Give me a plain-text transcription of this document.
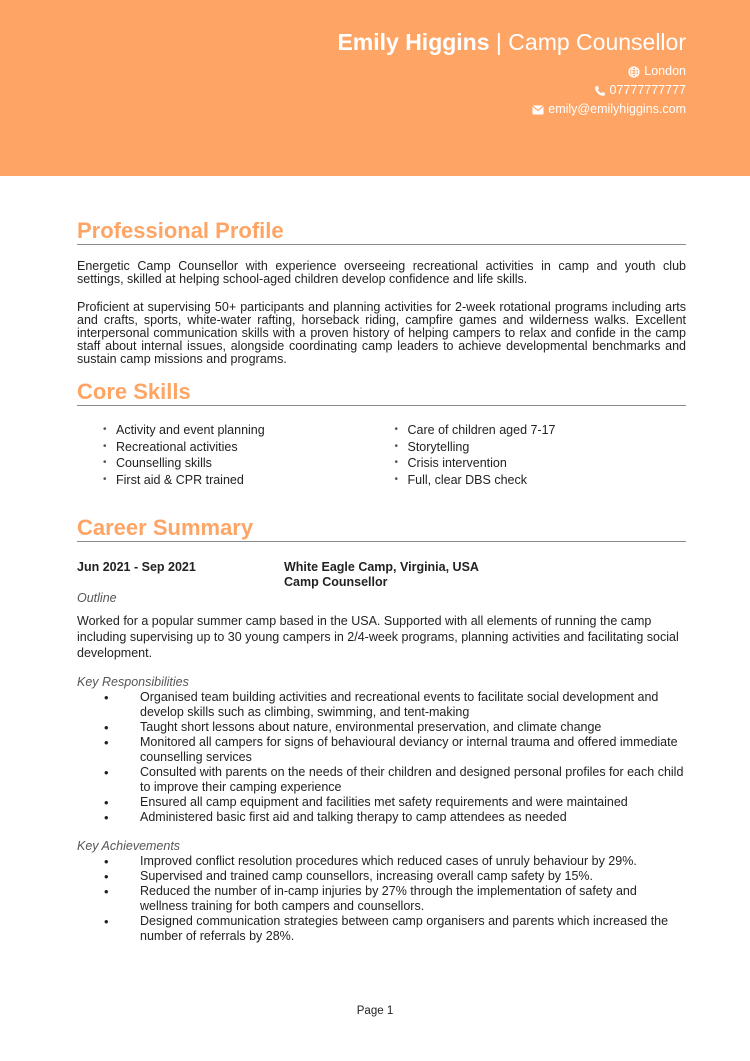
Emily Higgins | Camp Counsellor
London
07777777777
emily@emilyhiggins.com
Professional Profile

Energetic Camp Counsellor with experience overseeing recreational activities in camp and youth club settings, skilled at helping school-aged children develop confidence and life skills.

Proficient at supervising 50+ participants and planning activities for 2-week rotational programs including arts and crafts, sports, white-water rafting, horseback riding, campfire games and wilderness walks. Excellent interpersonal communication skills with a proven history of helping campers to relax and confide in the camp staff about internal issues, alongside coordinating camp leaders to achieve developmental benchmarks and sustain camp missions and programs.

Core Skills
• Activity and event planning
• Recreational activities
• Counselling skills
• First aid & CPR trained
• Care of children aged 7-17
• Storytelling
• Crisis intervention
• Full, clear DBS check
Career Summary
Jun 2021 - Sep 2021	White Eagle Camp, Virginia, USA
Camp Counsellor
Outline

Worked for a popular summer camp based in the USA. Supported with all elements of running the camp including supervising up to 30 young campers in 2/4-week programs, planning activities and facilitating social development.

Key Responsibilities
• Organised team building activities and recreational events to facilitate social development and develop skills such as climbing, swimming, and tent-making
• Taught short lessons about nature, environmental preservation, and climate change
• Monitored all campers for signs of behavioural deviancy or internal trauma and offered immediate counselling services
• Consulted with parents on the needs of their children and designed personal profiles for each child to improve their camping experience
• Ensured all camp equipment and facilities met safety requirements and were maintained
• Administered basic first aid and talking therapy to camp attendees as needed
Key Achievements
• Improved conflict resolution procedures which reduced cases of unruly behaviour by 29%.
• Supervised and trained camp counsellors, increasing overall camp safety by 15%.
• Reduced the number of in-camp injuries by 27% through the implementation of safety and wellness training for both campers and counsellors.
• Designed communication strategies between camp organisers and parents which increased the number of referrals by 28%.
Page 1
